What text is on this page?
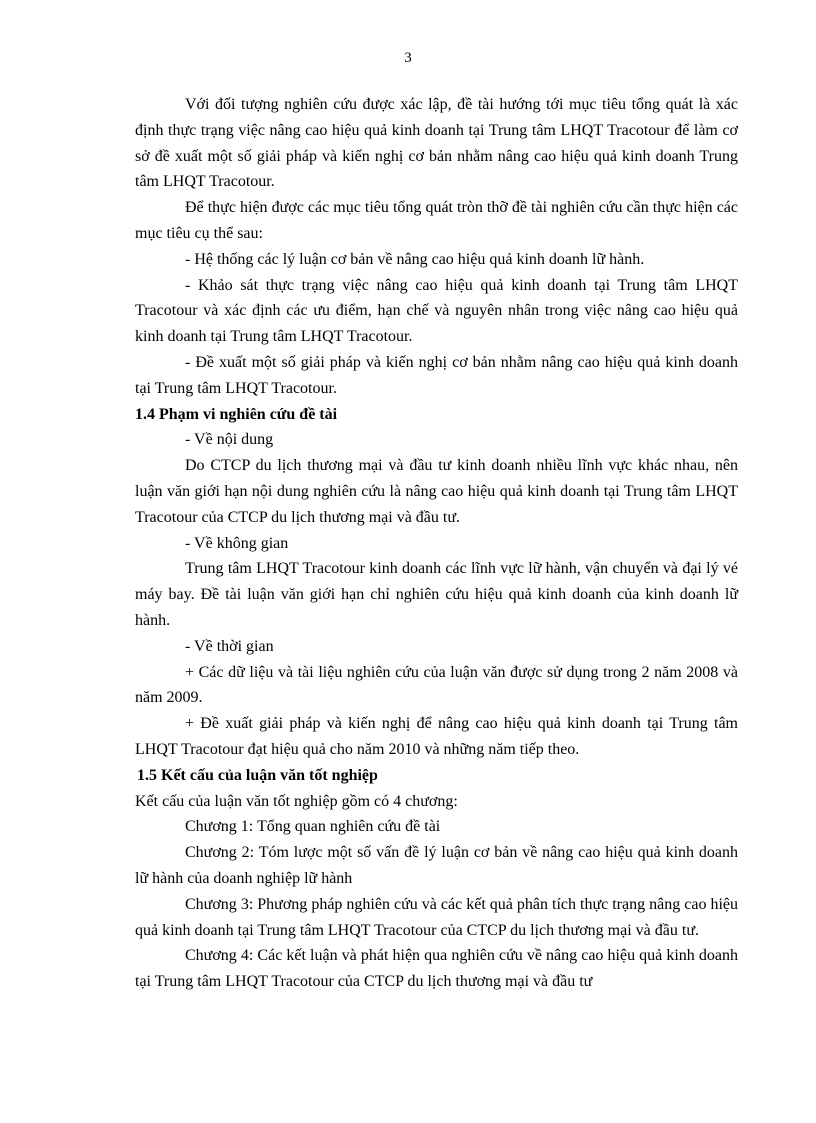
3

Với đối tượng nghiên cứu được xác lập, đề tài hướng tới mục tiêu tổng quát là xác định thực trạng việc nâng cao hiệu quả kinh doanh tại Trung tâm LHQT Tracotour để làm cơ sở đề xuất một số giải pháp và kiến nghị cơ bản nhằm nâng cao hiệu quả kinh doanh Trung tâm LHQT Tracotour.

Để thực hiện được các mục tiêu tổng quát tròn thỡ đề tài nghiên cứu cần thực hiện các mục tiêu cụ thể sau:

- Hệ thống các lý luận cơ bản về nâng cao hiệu quả kinh doanh lữ hành.

- Khảo sát thực trạng việc nâng cao hiệu quả kinh doanh tại Trung tâm LHQT Tracotour và xác định các ưu điểm, hạn chế và nguyên nhân trong việc nâng cao hiệu quả kinh doanh tại Trung tâm LHQT Tracotour.

- Đề xuất một số giải pháp và kiến nghị cơ bản nhằm nâng cao hiệu quả kinh doanh tại Trung tâm LHQT Tracotour.

1.4 Phạm vi nghiên cứu đề tài

- Về nội dung

Do CTCP du lịch thương mại và đầu tư kinh doanh nhiều lĩnh vực khác nhau, nên luận văn giới hạn nội dung nghiên cứu là nâng cao hiệu quả kinh doanh tại Trung tâm LHQT Tracotour của CTCP du lịch thương mại và đầu tư.

- Về không gian

Trung tâm LHQT Tracotour kinh doanh các lĩnh vực lữ hành, vận chuyển và đại lý vé máy bay. Đề tài luận văn giới hạn chỉ nghiên cứu hiệu quả kinh doanh của kinh doanh lữ hành.

- Về thời gian

+ Các dữ liệu và tài liệu nghiên cứu của luận văn được sử dụng trong 2 năm 2008 và năm 2009.

+ Đề xuất giải pháp và kiến nghị để nâng cao hiệu quả kinh doanh tại Trung tâm LHQT Tracotour đạt hiệu quả cho năm 2010 và những năm tiếp theo.

1.5 Kết cấu của luận văn tốt nghiệp

Kết cấu của luận văn tốt nghiệp gồm có 4 chương:

Chương 1: Tổng quan nghiên cứu đề tài

Chương 2: Tóm lược một số vấn đề lý luận cơ bản về nâng cao hiệu quả kinh doanh lữ hành của doanh nghiệp lữ hành

Chương 3: Phương pháp nghiên cứu và các kết quả phân tích thực trạng nâng cao hiệu quả kinh doanh tại Trung tâm LHQT Tracotour của CTCP du lịch thương mại và đầu tư.

Chương 4: Các kết luận và phát hiện qua nghiên cứu về nâng cao hiệu quả kinh doanh tại Trung tâm LHQT Tracotour của CTCP du lịch thương mại và đầu tư
